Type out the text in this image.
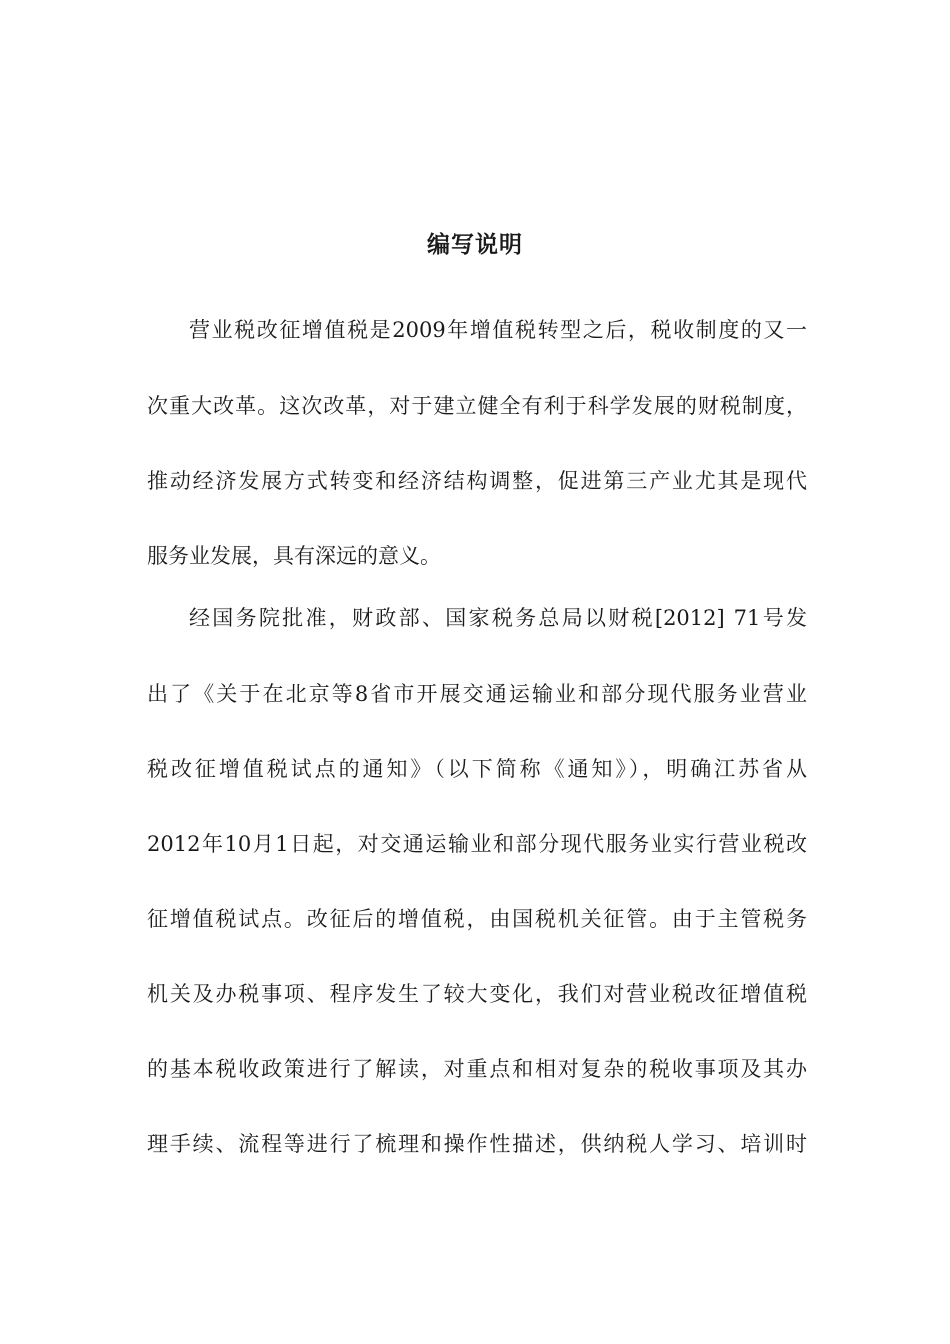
编写说明
营业税改征增值税是2009年增值税转型之后，税收制度的又一
次重大改革。这次改革，对于建立健全有利于科学发展的财税制度，
推动经济发展方式转变和经济结构调整，促进第三产业尤其是现代
服务业发展，具有深远的意义。
经国务院批准，财政部、国家税务总局以财税[2012] 71号发
出了《关于在北京等8省市开展交通运输业和部分现代服务业营业
税改征增值税试点的通知》（以下简称《通知》），明确江苏省从
2012年10月1日起，对交通运输业和部分现代服务业实行营业税改
征增值税试点。改征后的增值税，由国税机关征管。由于主管税务
机关及办税事项、程序发生了较大变化，我们对营业税改征增值税
的基本税收政策进行了解读，对重点和相对复杂的税收事项及其办
理手续、流程等进行了梳理和操作性描述，供纳税人学习、培训时
